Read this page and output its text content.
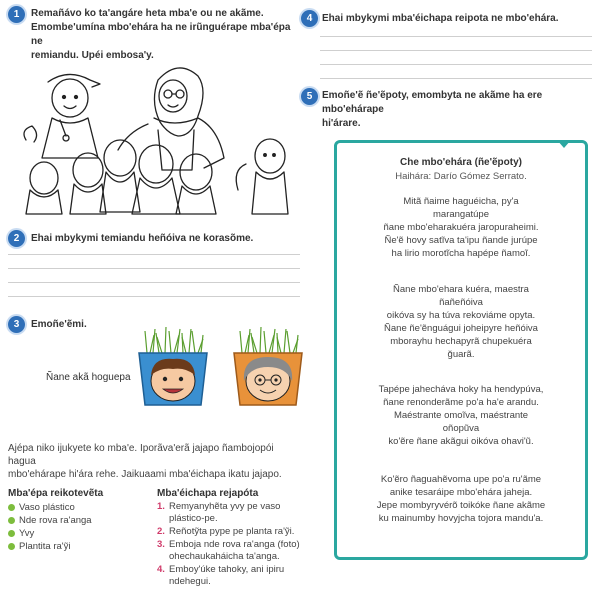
1	Remañávo ko ta'angáre heta mba'e ou ne akãme.
Emombe'umína mbo'ehára ha ne irũnguérape mba'épa ne
remiandu. Upéi embosa'y.
2	Ehai mbykymi temiandu heñóiva ne korasõme.
3	Emoñe'ẽmi.
Ñane akã hoguepa
Ajépa niko ijukyete ko mba'e. Iporãva'erã jajapo ñambojopói hagua
mbo'ehárape hi'ára rehe. Jaikuaami mba'éichapa ikatu jajapo.
Mba'épa reikotevẽta
Vaso plástico
Nde rova ra'anga
Yvy
Plantita ra'ỹi
Mba'éichapa rejapóta
1. Remyanyhẽta yvy pe vaso
plástico-pe.
2. Reñotỹta pype pe planta ra'ỹi.
3. Emboja nde rova ra'anga (foto)
ohechaukaháicha ta'anga.
4. Emboy'úke tahoky, ani ipiru
ndehegui.
4 Ehai mbykymi mba'éichapa reipota ne mbo'ehára.
5 Emoñe'ẽ ñe'ẽpoty, emombyta ne akãme ha ere mbo'ehárape
hi'árare.
Che mbo'ehára (ñe'ẽpoty)
Haihára: Darío Gómez Serrato.
Mitã ñaime haguéicha, py'a
marangatúpe
ñane mbo'eharakuéra jaropuraheimi.
Ñe'ẽ hovy satĩva ta'ipu ñande jurúpe
ha lirio morotĩcha hapépe ñamoĩ.
Ñane mbo'ehara kuéra, maestra
ñañeñóiva
oikóva sy ha túva rekoviáme opyta.
Ñane ñe'ẽnguágui joheipyre heñóiva
mborayhu hechapyrã chupekuéra
ğuarã.
Tapépe jahecháva hoky ha hendypúva,
ñane renonderãme po'a ha'e arandu.
Maéstrante omoĩva, maéstrante
oñopũva
ko'ẽre ñane akãgui oikóva ohavi'ũ.
Ko'ẽro ñaguahẽvoma upe po'a ru'ãme
anike tesaráipe mbo'ehára jaheja.
Jepe mombyryvérõ toikóke ñane akãme
ku mainumby hovyjcha tojora mandu'a.
